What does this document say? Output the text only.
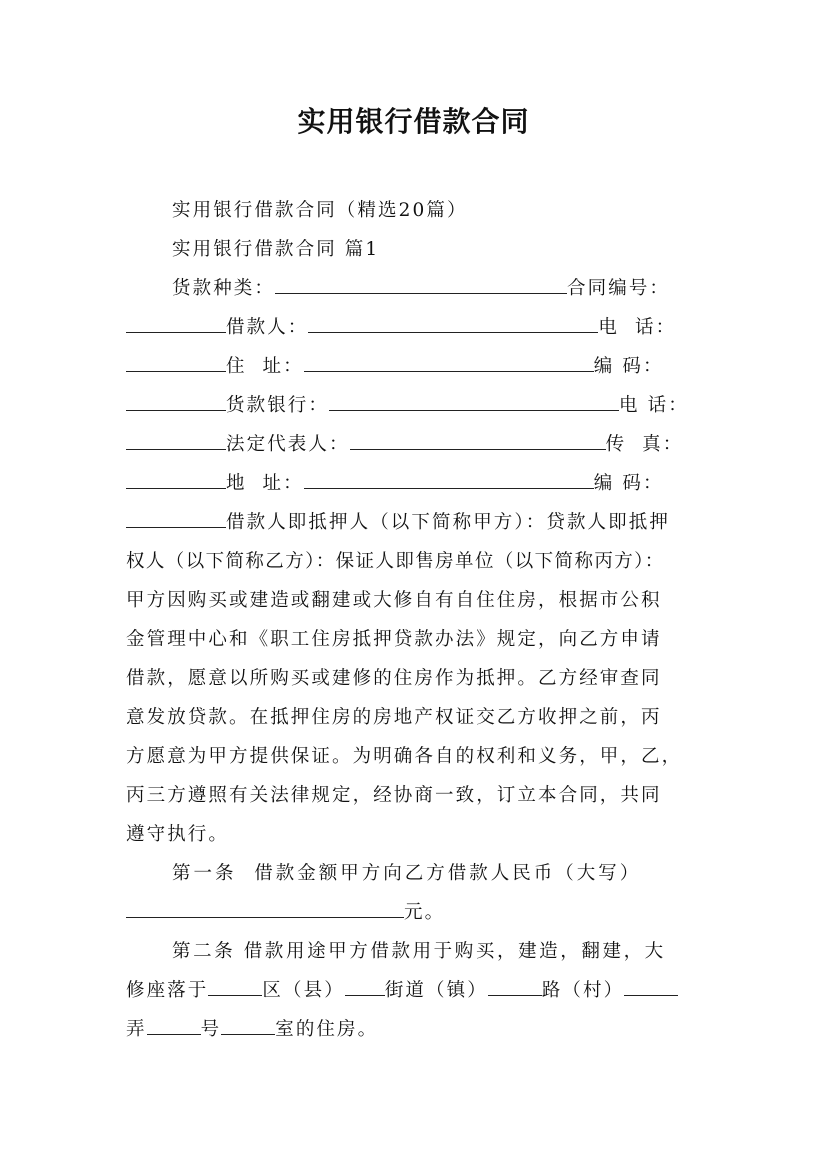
实用银行借款合同
实用银行借款合同（精选20篇）
实用银行借款合同 篇1
货款种类：	合同编号：
借款人：	电  话：
住  址：	编 码：
货款银行：	电 话：
法定代表人：	传  真：
地  址：	编 码：
借款人即抵押人（以下简称甲方）：贷款人即抵押
权人（以下简称乙方）：保证人即售房单位（以下简称丙方）：
甲方因购买或建造或翻建或大修自有自住住房，根据市公积
金管理中心和《职工住房抵押贷款办法》规定，向乙方申请
借款，愿意以所购买或建修的住房作为抵押。乙方经审查同
意发放贷款。在抵押住房的房地产权证交乙方收押之前，丙
方愿意为甲方提供保证。为明确各自的权利和义务，甲，乙，
丙三方遵照有关法律规定，经协商一致，订立本合同，共同
遵守执行。
第一条  借款金额甲方向乙方借款人民币（大写）
元。
第二条 借款用途甲方借款用于购买，建造，翻建，大
修座落于	区（县） 街道（镇）	路（村）
弄	号	室的住房。
